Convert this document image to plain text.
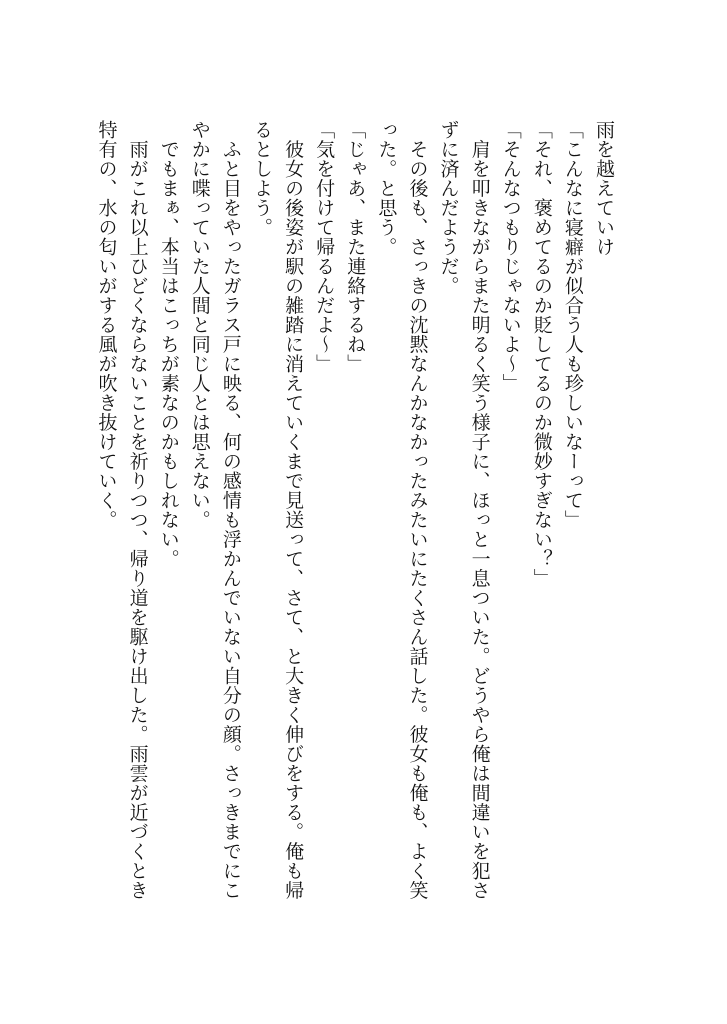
雨を越えていけ
「こんなに寝癖が似合う人も珍しいなーって」
「それ、褒めてるのか貶してるのか微妙すぎない？」
「そんなつもりじゃないよ〜」
　肩を叩きながらまた明るく笑う様子に、ほっと一息ついた。どうやら俺は間違いを犯さ
ずに済んだようだ。
　その後も、さっきの沈黙なんかなかったみたいにたくさん話した。彼女も俺も、よく笑
った。と思う。
「じゃあ、また連絡するね」
「気を付けて帰るんだよ〜」
　彼女の後姿が駅の雑踏に消えていくまで見送って、さて、と大きく伸びをする。俺も帰
るとしよう。
　ふと目をやったガラス戸に映る、何の感情も浮かんでいない自分の顔。さっきまでにこ
やかに喋っていた人間と同じ人とは思えない。
　でもまぁ、本当はこっちが素なのかもしれない。
　雨がこれ以上ひどくならないことを祈りつつ、帰り道を駆け出した。雨雲が近づくとき
特有の、水の匂いがする風が吹き抜けていく。
